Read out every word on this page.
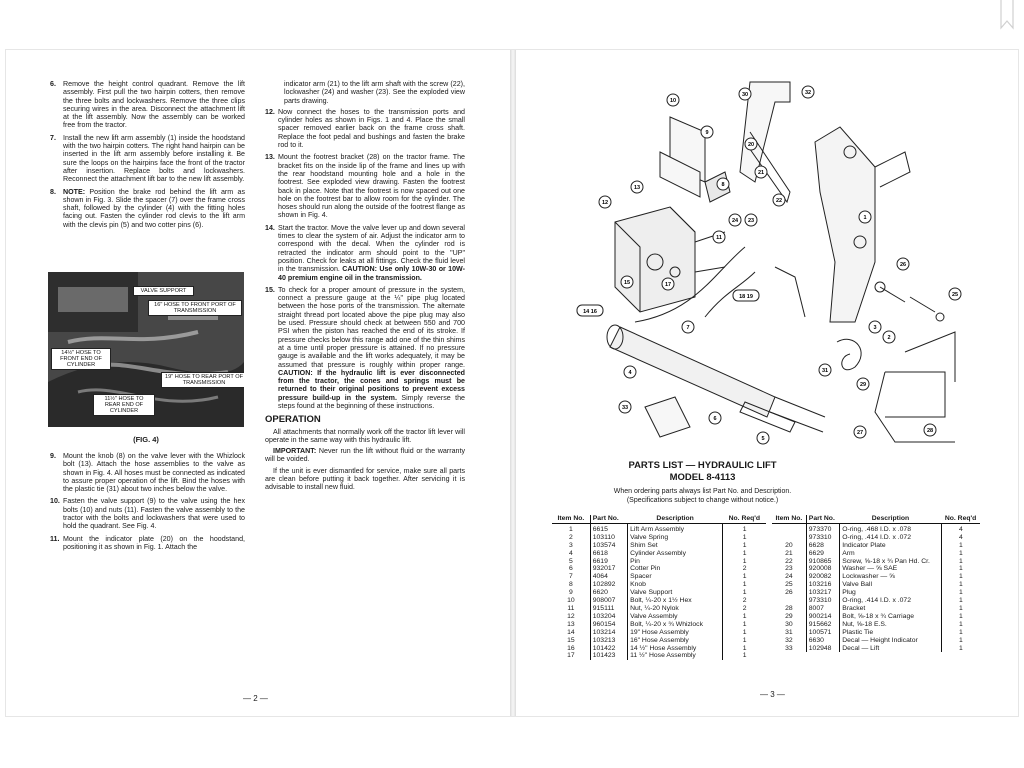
6. Remove the height control quadrant. Remove the lift assembly. First pull the two hairpin cotters, then remove the three bolts and lockwashers. Remove the three clips securing wires in the area. Disconnect the attachment lift at the lift assembly. Now the assembly can be worked free from the tractor.

7. Install the new lift arm assembly (1) inside the hoodstand with the two hairpin cotters. The right hand hairpin can be inserted in the lift arm assembly before installing it. Be sure the loops on the hairpins face the front of the tractor after insertion. Replace bolts and lockwashers. Reconnect the attachment lift bar to the new lift assembly.

8. NOTE: Position the brake rod behind the lift arm as shown in Fig. 3. Slide the spacer (7) over the frame cross shaft, followed by the cylinder (4) with the fitting holes facing out. Fasten the cylinder rod clevis to the lift arm with the clevis pin (5) and two cotter pins (6).

VALVE SUPPORT
16" HOSE TO FRONT PORT OF TRANSMISSION
14½" HOSE TO FRONT END OF CYLINDER
19" HOSE TO REAR PORT OF TRANSMISSION
11½" HOSE TO REAR END OF CYLINDER
(FIG. 4)

9. Mount the knob (8) on the valve lever with the Whizlock bolt (13). Attach the hose assemblies to the valve as shown in Fig. 4. All hoses must be connected as indicated to assure proper operation of the lift. Bind the hoses with the plastic tie (31) about two inches below the valve.

10. Fasten the valve support (9) to the valve using the hex bolts (10) and nuts (11). Fasten the valve assembly to the tractor with the bolts and lockwashers that were used to hold the quadrant. See Fig. 4.

11. Mount the indicator plate (20) on the hoodstand, positioning it as shown in Fig. 1. Attach the

indicator arm (21) to the lift arm shaft with the screw (22), lockwasher (24) and washer (23). See the exploded view parts drawing.

12. Now connect the hoses to the transmission ports and cylinder holes as shown in Figs. 1 and 4. Place the small spacer removed earlier back on the frame cross shaft. Replace the foot pedal and bushings and fasten the brake rod to it.

13. Mount the footrest bracket (28) on the tractor frame. The bracket fits on the inside lip of the frame and lines up with the rear hoodstand mounting hole and a hole in the footrest. See exploded view drawing. Fasten the footrest back in place. Note that the footrest is now spaced out one hole on the footrest bar to allow room for the cylinder. The hoses should run along the outside of the footrest flange as shown in Fig. 4.

14. Start the tractor. Move the valve lever up and down several times to clear the system of air. Adjust the indicator arm to correspond with the decal. When the cylinder rod is retracted the indicator arm should point to the "UP" position. Check for leaks at all fittings. Check the fluid level in the transmission. CAUTION: Use only 10W-30 or 10W-40 premium engine oil in the transmission.

15. To check for a proper amount of pressure in the system, connect a pressure gauge at the ¼" pipe plug located between the hose ports of the transmission. The alternate straight thread port located above the pipe plug may also be used. Pressure should check at between 550 and 700 PSI when the piston has reached the end of its stroke. If pressure checks below this range add one of the thin shims at a time until proper pressure is attained. If no pressure gauge is available and the lift works adequately, it may be assumed that pressure is roughly within proper range. CAUTION: If the hydraulic lift is ever disconnected from the tractor, the cones and springs must be returned to their original positions to prevent excess pressure build-up in the system. Simply reverse the steps found at the beginning of these instructions.

OPERATION

All attachments that normally work off the tractor lift lever will operate in the same way with this hydraulic lift.

IMPORTANT: Never run the lift without fluid or the warranty will be voided.

If the unit is ever dismantled for service, make sure all parts are clean before putting it back together. After servicing it is advisable to install new fluid.

— 2 —
30	32
10
9
20
21
1
8
13
12	22
24 23
11
26
25
3
2
7
14 16
15	17
18 19
4	31
29
33
6
5
28
27
PARTS LIST — HYDRAULIC LIFT
MODEL 8-4113
When ordering parts always list Part No. and Description.
(Specifications subject to change without notice.)
Item No.	Part No.	Description	No. Req'd
1	6615	Lift Arm Assembly	1
2	103110	Valve Spring	1
3	103574	Shim Set	1
4	6618	Cylinder Assembly	1
5	6619	Pin	1
6	932017	Cotter Pin	2
7	4064	Spacer	1
8	102892	Knob	1
9	6620	Valve Support	1
10	908007	Bolt, ¼-20 x 1½ Hex	2
11	915111	Nut, ¼-20 Nylok	2
12	103204	Valve Assembly	1
13	960154	Bolt, ¼-20 x ¾ Whizlock	1
14	103214	19" Hose Assembly	1
15	103213	16" Hose Assembly	1
16	101422	14 ½" Hose Assembly	1
17	101423	11 ½" Hose Assembly	1
Item No.	Part No.	Description	No. Req'd
	973370	O-ring, .468 I.D. x .078	4
	973310	O-ring, .414 I.D. x .072	4
20	6628	Indicator Plate	1
21	6629	Arm	1
22	910865	Screw, ⅝-18 x ¾ Pan Hd. Cr.	1
23	920008	Washer — ⅝ SAE	1
24	920082	Lockwasher — ⅝	1
25	103216	Valve Ball	1
26	103217	Plug	1
	973310	O-ring, .414 I.D. x .072	1
28	8007	Bracket	1
29	900214	Bolt, ⅝-18 x ¾ Carriage	1
30	915662	Nut, ⅝-18 E.S.	1
31	100571	Plastic Tie	1
32	6630	Decal — Height Indicator	1
33	102948	Decal — Lift	1
— 3 —
